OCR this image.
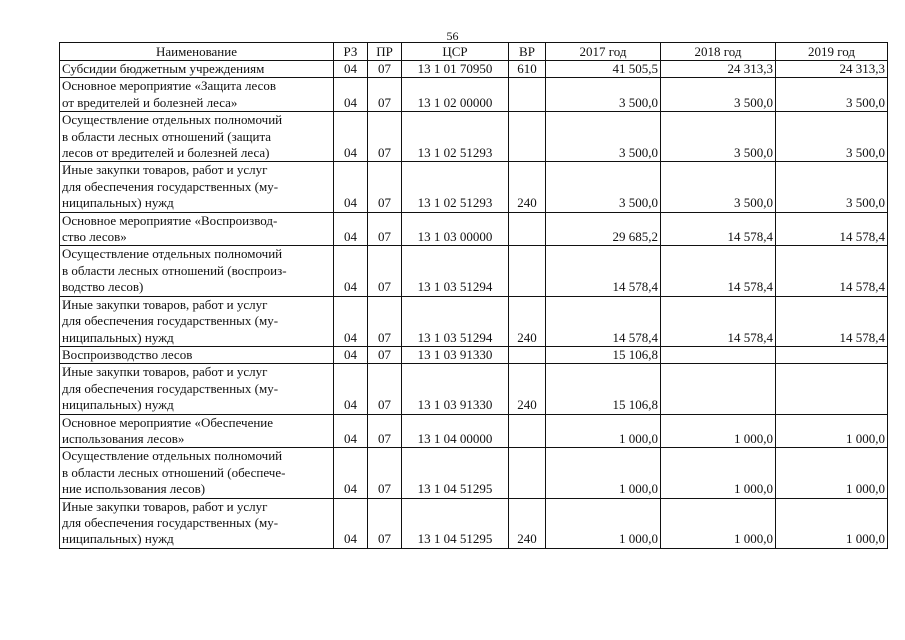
56
Наименование	РЗ	ПР	ЦСР	ВР	2017 год	2018 год	2019 год

Субсидии бюджетным учреждениям	04	07	13 1 01 70950	610	41 505,5	24 313,3	24 313,3

Основное мероприятие «Защита лесов
от вредителей и болезней леса»	04	07	13 1 02 00000		3 500,0	3 500,0	3 500,0

Осуществление отдельных полномочий
в области лесных отношений (защита
лесов от вредителей и болезней леса)	04	07	13 1 02 51293		3 500,0	3 500,0	3 500,0

Иные закупки товаров, работ и услуг
для обеспечения государственных (му-
ниципальных) нужд	04	07	13 1 02 51293	240	3 500,0	3 500,0	3 500,0

Основное мероприятие «Воспроизвод-
ство лесов»	04	07	13 1 03 00000		29 685,2	14 578,4	14 578,4

Осуществление отдельных полномочий
в области лесных отношений (воспроиз-
водство лесов)	04	07	13 1 03 51294		14 578,4	14 578,4	14 578,4

Иные закупки товаров, работ и услуг
для обеспечения государственных (му-
ниципальных) нужд	04	07	13 1 03 51294	240	14 578,4	14 578,4	14 578,4

Воспроизводство лесов	04	07	13 1 03 91330		15 106,8		

Иные закупки товаров, работ и услуг
для обеспечения государственных (му-
ниципальных) нужд	04	07	13 1 03 91330	240	15 106,8		

Основное мероприятие «Обеспечение
использования лесов»	04	07	13 1 04 00000		1 000,0	1 000,0	1 000,0

Осуществление отдельных полномочий
в области лесных отношений (обеспече-
ние использования лесов)	04	07	13 1 04 51295		1 000,0	1 000,0	1 000,0

Иные закупки товаров, работ и услуг
для обеспечения государственных (му-
ниципальных) нужд	04	07	13 1 04 51295	240	1 000,0	1 000,0	1 000,0
